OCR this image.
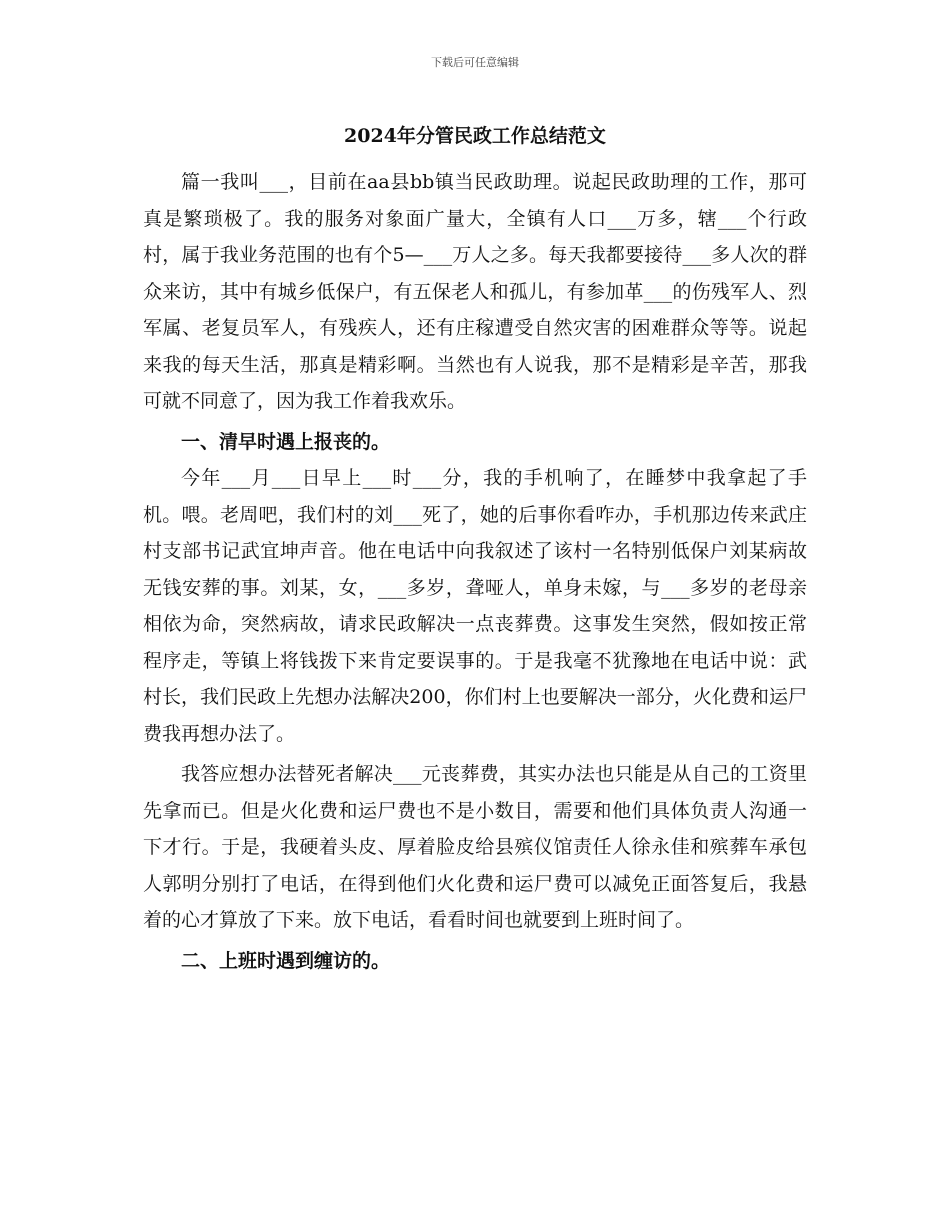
下载后可任意编辑
2024年分管民政工作总结范文

篇一我叫___，目前在aa县bb镇当民政助理。说起民政助理的工作，那可真是繁琐极了。我的服务对象面广量大，全镇有人口___万多，辖___个行政村，属于我业务范围的也有个5—___万人之多。每天我都要接待___多人次的群众来访，其中有城乡低保户，有五保老人和孤儿，有参加革___的伤残军人、烈军属、老复员军人，有残疾人，还有庄稼遭受自然灾害的困难群众等等。说起来我的每天生活，那真是精彩啊。当然也有人说我，那不是精彩是辛苦，那我可就不同意了，因为我工作着我欢乐。

一、清早时遇上报丧的。

今年___月___日早上___时___分，我的手机响了，在睡梦中我拿起了手机。喂。老周吧，我们村的刘___死了，她的后事你看咋办，手机那边传来武庄村支部书记武宜坤声音。他在电话中向我叙述了该村一名特别低保户刘某病故无钱安葬的事。刘某，女，___多岁，聋哑人，单身未嫁，与___多岁的老母亲相依为命，突然病故，请求民政解决一点丧葬费。这事发生突然，假如按正常程序走，等镇上将钱拨下来肯定要误事的。于是我毫不犹豫地在电话中说：武村长，我们民政上先想办法解决200，你们村上也要解决一部分，火化费和运尸费我再想办法了。

我答应想办法替死者解决___元丧葬费，其实办法也只能是从自己的工资里先拿而已。但是火化费和运尸费也不是小数目，需要和他们具体负责人沟通一下才行。于是，我硬着头皮、厚着脸皮给县殡仪馆责任人徐永佳和殡葬车承包人郭明分别打了电话，在得到他们火化费和运尸费可以减免正面答复后，我悬着的心才算放了下来。放下电话，看看时间也就要到上班时间了。

二、上班时遇到缠访的。
